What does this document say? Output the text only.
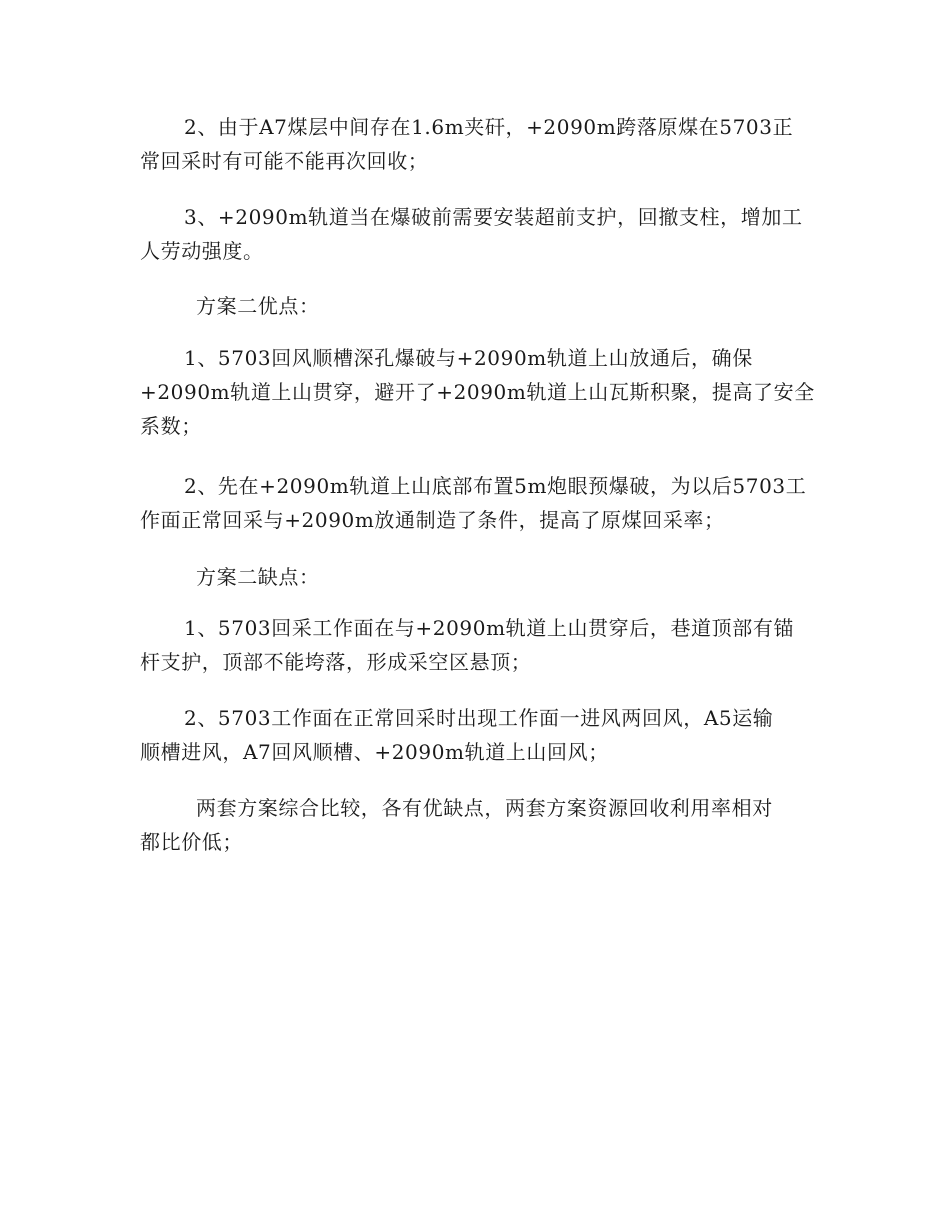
2、由于A7煤层中间存在1.6m夹矸，+2090m跨落原煤在5703正
常回采时有可能不能再次回收；
3、+2090m轨道当在爆破前需要安装超前支护，回撤支柱，增加工
人劳动强度。
方案二优点：
1、5703回风顺槽深孔爆破与+2090m轨道上山放通后，确保
+2090m轨道上山贯穿，避开了+2090m轨道上山瓦斯积聚，提高了安全
系数；
2、先在+2090m轨道上山底部布置5m炮眼预爆破，为以后5703工
作面正常回采与+2090m放通制造了条件，提高了原煤回采率；
方案二缺点：
1、5703回采工作面在与+2090m轨道上山贯穿后，巷道顶部有锚
杆支护，顶部不能垮落，形成采空区悬顶；
2、5703工作面在正常回采时出现工作面一进风两回风，A5运输
顺槽进风，A7回风顺槽、+2090m轨道上山回风；
两套方案综合比较，各有优缺点，两套方案资源回收利用率相对
都比价低；
